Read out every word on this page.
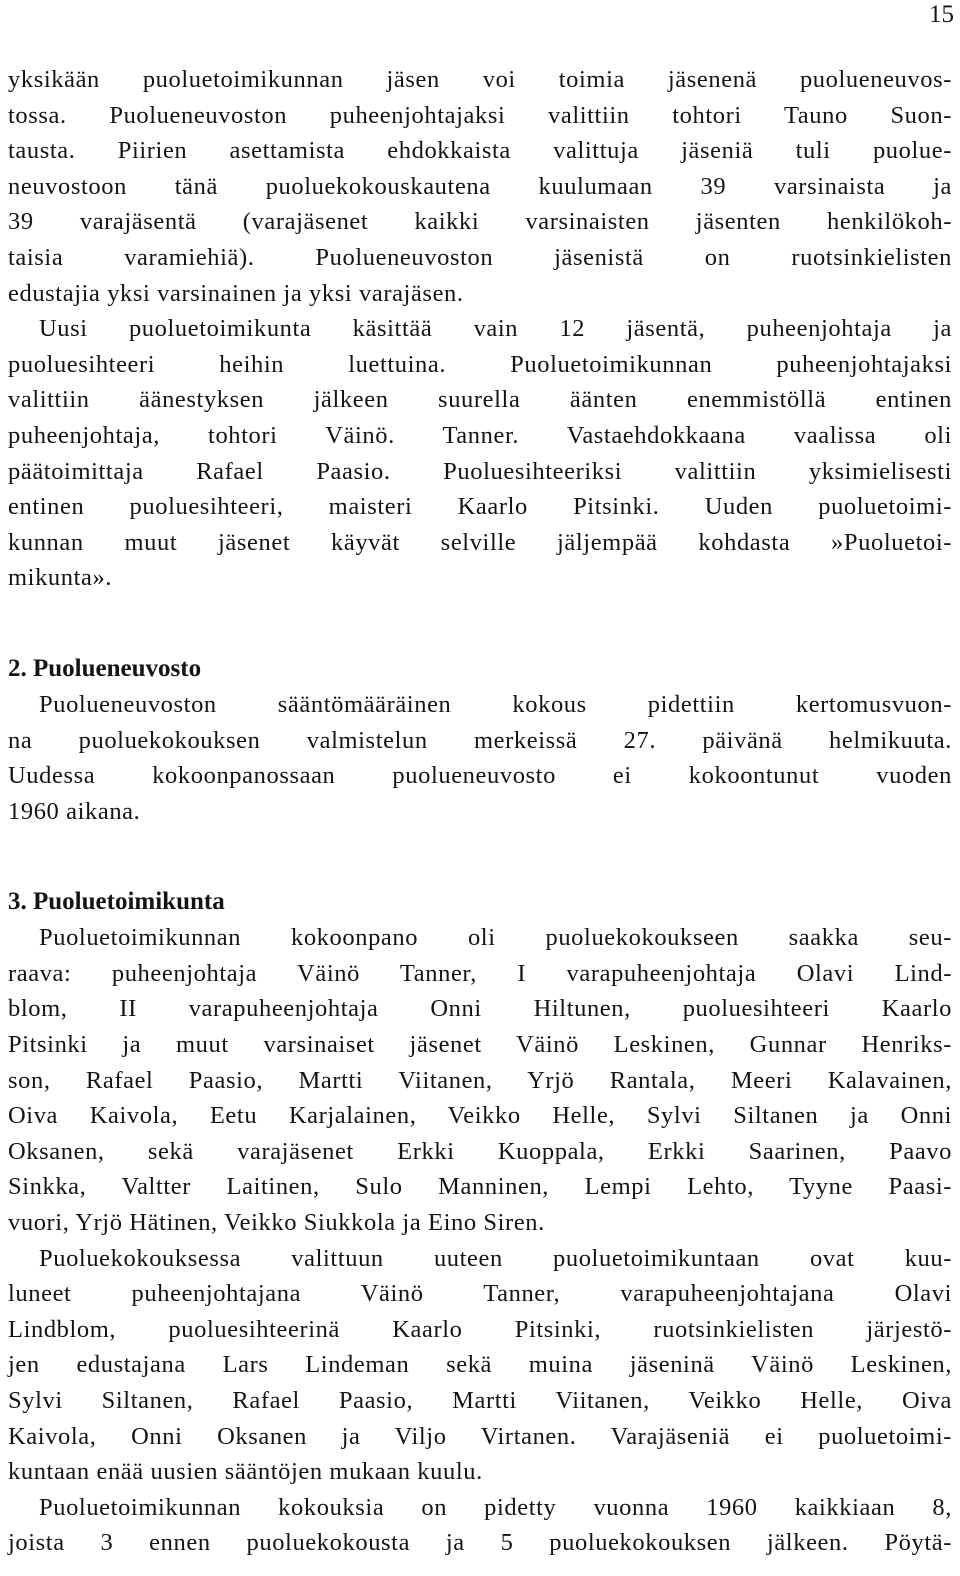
15
yksikään puoluetoimikunnan jäsen voi toimia jäsenenä puolueneuvos-
tossa. Puolueneuvoston puheenjohtajaksi valittiin tohtori Tauno Suon-
tausta. Piirien asettamista ehdokkaista valittuja jäseniä tuli puolue-
neuvostoon tänä puoluekokouskautena kuulumaan 39 varsinaista ja
39 varajäsentä (varajäsenet kaikki varsinaisten jäsenten henkilökoh-
taisia varamiehiä). Puolueneuvoston jäsenistä on ruotsinkielisten
edustajia yksi varsinainen ja yksi varajäsen.
Uusi puoluetoimikunta käsittää vain 12 jäsentä, puheenjohtaja ja
puoluesihteeri heihin luettuina. Puoluetoimikunnan puheenjohtajaksi
valittiin äänestyksen jälkeen suurella äänten enemmistöllä entinen
puheenjohtaja, tohtori Väinö. Tanner. Vastaehdokkaana vaalissa oli
päätoimittaja Rafael Paasio. Puoluesihteeriksi valittiin yksimielisesti
entinen puoluesihteeri, maisteri Kaarlo Pitsinki. Uuden puoluetoimi-
kunnan muut jäsenet käyvät selville jäljempää kohdasta »Puoluetoi-
mikunta».
2. Puolueneuvosto
Puolueneuvoston sääntömääräinen kokous pidettiin kertomusvuon-
na puoluekokouksen valmistelun merkeissä 27. päivänä helmikuuta.
Uudessa kokoonpanossaan puolueneuvosto ei kokoontunut vuoden
1960 aikana.
3. Puoluetoimikunta
Puoluetoimikunnan kokoonpano oli puoluekokoukseen saakka seu-
raava: puheenjohtaja Väinö Tanner, I varapuheenjohtaja Olavi Lind-
blom, II varapuheenjohtaja Onni Hiltunen, puoluesihteeri Kaarlo
Pitsinki ja muut varsinaiset jäsenet Väinö Leskinen, Gunnar Henriks-
son, Rafael Paasio, Martti Viitanen, Yrjö Rantala, Meeri Kalavainen,
Oiva Kaivola, Eetu Karjalainen, Veikko Helle, Sylvi Siltanen ja Onni
Oksanen, sekä varajäsenet Erkki Kuoppala, Erkki Saarinen, Paavo
Sinkka, Valtter Laitinen, Sulo Manninen, Lempi Lehto, Tyyne Paasi-
vuori, Yrjö Hätinen, Veikko Siukkola ja Eino Siren.
Puoluekokouksessa valittuun uuteen puoluetoimikuntaan ovat kuu-
luneet puheenjohtajana Väinö Tanner, varapuheenjohtajana Olavi
Lindblom, puoluesihteerinä Kaarlo Pitsinki, ruotsinkielisten järjestö-
jen edustajana Lars Lindeman sekä muina jäseninä Väinö Leskinen,
Sylvi Siltanen, Rafael Paasio, Martti Viitanen, Veikko Helle, Oiva
Kaivola, Onni Oksanen ja Viljo Virtanen. Varajäseniä ei puoluetoimi-
kuntaan enää uusien sääntöjen mukaan kuulu.
Puoluetoimikunnan kokouksia on pidetty vuonna 1960 kaikkiaan 8,
joista 3 ennen puoluekokousta ja 5 puoluekokouksen jälkeen. Pöytä-
